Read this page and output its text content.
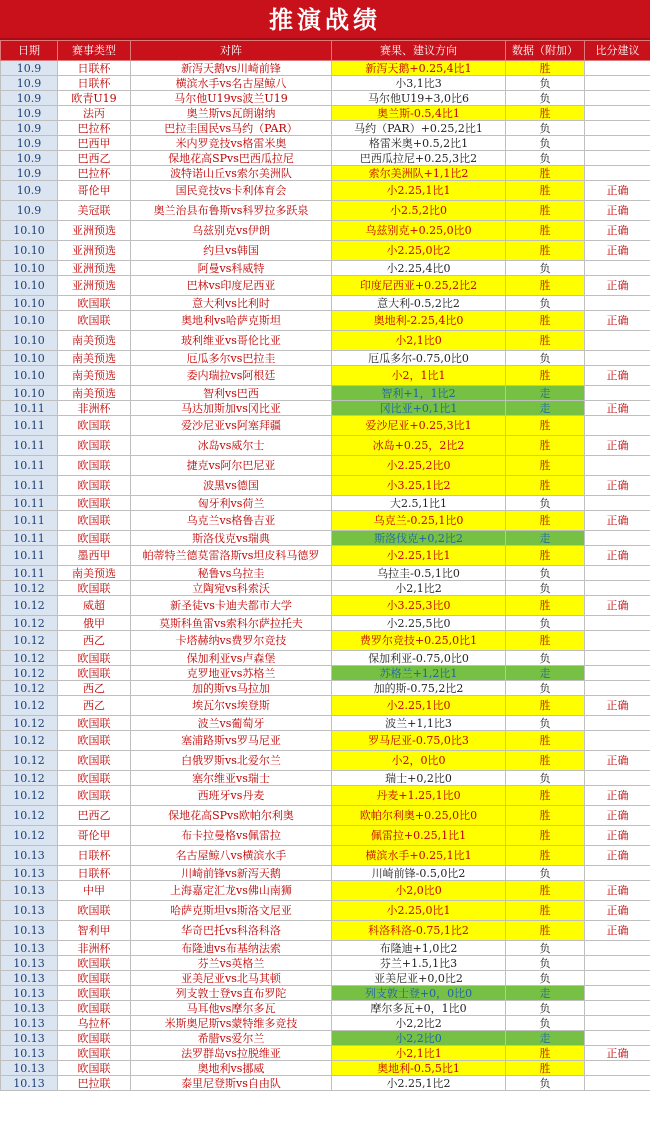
推演战绩
日期	赛事类型	对阵	赛果、建议方向	数据（附加）	比分建议
10.9	日联杯	新泻天鹅vs川崎前锋	新泻天鹅+0.25,4比1	胜	
10.9	日联杯	横滨水手vs名古屋鲸八	小3,1比3	负	
10.9	欧青U19	马尔他U19vs波兰U19	马尔他U19+3,0比6	负	
10.9	法丙	奥兰斯vs瓦朗谢纳	奥兰斯-0.5,4比1	胜	
10.9	巴拉杯	巴拉圭国民vs马约（PAR）	马约（PAR）+0.25,2比1	负	
10.9	巴西甲	米内罗竞技vs格雷米奥	格雷米奥+0.5,2比1	负	
10.9	巴西乙	保地花高SPvs巴西瓜拉尼	巴西瓜拉尼+0.25,3比2	负	
10.9	巴拉杯	波特诺山丘vs索尔美洲队	索尔美洲队+1,1比2	胜	
10.9	哥伦甲	国民竞技vs卡利体育会	小2.25,1比1	胜	正确
10.9	美冠联	奥兰治县布鲁斯vs科罗拉多跃泉	小2.5,2比0	胜	正确
10.10	亚洲预选	乌兹别克vs伊朗	乌兹别克+0.25,0比0	胜	正确
10.10	亚洲预选	约旦vs韩国	小2.25,0比2	胜	正确
10.10	亚洲预选	阿曼vs科威特	小2.25,4比0	负	
10.10	亚洲预选	巴林vs印度尼西亚	印度尼西亚+0.25,2比2	胜	正确
10.10	欧国联	意大利vs比利时	意大利-0.5,2比2	负	
10.10	欧国联	奥地利vs哈萨克斯坦	奥地利-2.25,4比0	胜	正确
10.10	南美预选	玻利维亚vs哥伦比亚	小2,1比0	胜	
10.10	南美预选	厄瓜多尔vs巴拉圭	厄瓜多尔-0.75,0比0	负	
10.10	南美预选	委内瑞拉vs阿根廷	小2，1比1	胜	正确
10.10	南美预选	智利vs巴西	智利+1，1比2	走	
10.11	非洲杯	马达加斯加vs冈比亚	冈比亚+0,1比1	走	正确
10.11	欧国联	爱沙尼亚vs阿塞拜疆	爱沙尼亚+0.25,3比1	胜	
10.11	欧国联	冰岛vs威尔士	冰岛+0.25，2比2	胜	正确
10.11	欧国联	捷克vs阿尔巴尼亚	小2.25,2比0	胜	
10.11	欧国联	波黑vs德国	小3.25,1比2	胜	正确
10.11	欧国联	匈牙利vs荷兰	大2.5,1比1	负	
10.11	欧国联	乌克兰vs格鲁吉亚	乌克兰-0.25,1比0	胜	正确
10.11	欧国联	斯洛伐克vs瑞典	斯洛伐克+0,2比2	走	
10.11	墨西甲	帕蒂特兰德莫雷洛斯vs坦皮科马德罗	小2.25,1比1	胜	正确
10.11	南美预选	秘鲁vs乌拉圭	乌拉圭-0.5,1比0	负	
10.12	欧国联	立陶宛vs科索沃	小2,1比2	负	
10.12	威超	新圣徒vs卡迪夫都市大学	小3.25,3比0	胜	正确
10.12	俄甲	莫斯科鱼雷vs索科尔萨拉托夫	小2.25,5比0	负	
10.12	西乙	卡塔赫纳vs费罗尔竞技	费罗尔竞技+0.25,0比1	胜	
10.12	欧国联	保加利亚vs卢森堡	保加利亚-0.75,0比0	负	
10.12	欧国联	克罗地亚vs苏格兰	苏格兰+1,2比1	走	
10.12	西乙	加的斯vs马拉加	加的斯-0.75,2比2	负	
10.12	西乙	埃瓦尔vs埃登斯	小2.25,1比0	胜	正确
10.12	欧国联	波兰vs葡萄牙	波兰+1,1比3	负	
10.12	欧国联	塞浦路斯vs罗马尼亚	罗马尼亚-0.75,0比3	胜	
10.12	欧国联	白俄罗斯vs北爱尔兰	小2，0比0	胜	正确
10.12	欧国联	塞尔维亚vs瑞士	瑞士+0,2比0	负	
10.12	欧国联	西班牙vs丹麦	丹麦+1.25,1比0	胜	正确
10.12	巴西乙	保地花高SPvs欧帕尔利奥	欧帕尔利奥+0.25,0比0	胜	正确
10.12	哥伦甲	布卡拉曼格vs佩雷拉	佩雷拉+0.25,1比1	胜	正确
10.13	日联杯	名古屋鲸八vs横滨水手	横滨水手+0.25,1比1	胜	正确
10.13	日联杯	川崎前锋vs新泻天鹅	川崎前锋-0.5,0比2	负	
10.13	中甲	上海嘉定汇龙vs佛山南狮	小2,0比0	胜	正确
10.13	欧国联	哈萨克斯坦vs斯洛文尼亚	小2.25,0比1	胜	正确
10.13	智利甲	华奇巴托vs科洛科洛	科洛科洛-0.75,1比2	胜	正确
10.13	非洲杯	布隆迪vs布基纳法索	布隆迪+1,0比2	负	
10.13	欧国联	芬兰vs英格兰	芬兰+1.5,1比3	负	
10.13	欧国联	亚美尼亚vs北马其顿	亚美尼亚+0,0比2	负	
10.13	欧国联	列支敦士登vs直布罗陀	列支敦士登+0，0比0	走	
10.13	欧国联	马耳他vs摩尔多瓦	摩尔多瓦+0，1比0	负	
10.13	乌拉杯	米斯奥尼斯vs蒙特维多竞技	小2,2比2	负	
10.13	欧国联	希腊vs爱尔兰	小2,2比0	走	
10.13	欧国联	法罗群岛vs拉脱维亚	小2,1比1	胜	正确
10.13	欧国联	奥地利vs挪威	奥地利-0.5,5比1	胜	
10.13	巴拉联	泰里尼登斯vs自由队	小2.25,1比2	负	
